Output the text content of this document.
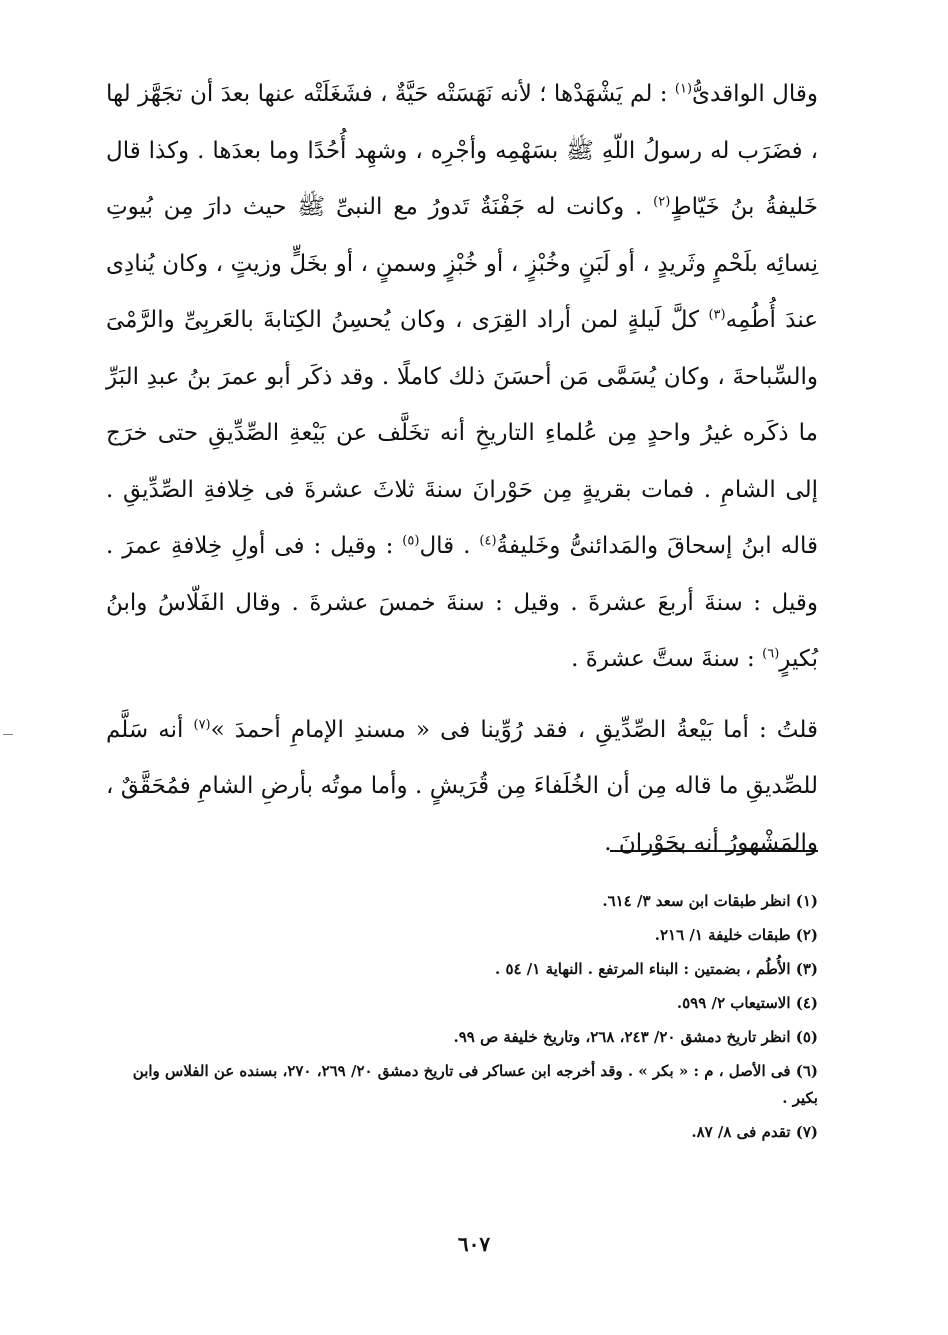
وقال الواقدىُّ$^{(١)}$ : لم يَشْهَدْها ؛ لأنه نَهَسَتْه حَيَّةٌ ، فشَغَلَتْه عنها بعدَ أن تجَهَّز لها ، فضَرَب له رسولُ اللّهِ ﷺ بسَهْمِه وأجْرِه ، وشهِد أُحُدًا وما بعدَها . وكذا قال خَليفةُ بنُ خَيّاطٍ$^{(٢)}$ . وكانت له جَفْنَةٌ تَدورُ مع النبىِّ ﷺ حيث دارَ مِن بُيوتِ نِسائِه بلَحْمٍ وثَريدٍ ، أو لَبَنٍ وخُبْزٍ ، أو خُبْزٍ وسمنٍ ، أو بخَلٍّ وزيتٍ ، وكان يُنادِى عندَ أُطُمِه$^{(٣)}$ كلَّ لَيلةٍ لمن أراد القِرَى ، وكان يُحسِنُ الكِتابةَ بالعَربِىِّ والرَّمْىَ والسِّباحةَ ، وكان يُسَمَّى مَن أحسَنَ ذلك كاملًا . وقد ذكَر أبو عمرَ بنُ عبدِ البَرِّ ما ذكَره غيرُ واحدٍ مِن عُلماءِ التاريخِ أنه تخَلَّف عن بَيْعةِ الصِّدِّيقِ حتى خرَج إلى الشامِ . فمات بقريةٍ مِن حَوْرانَ سنةَ ثلاثَ عشرةَ فى خِلافةِ الصِّدِّيقِ . قاله ابنُ إسحاقَ والمَدائنىُّ وخَليفةُ$^{(٤)}$ . قال$^{(٥)}$ : وقيل : فى أولِ خِلافةِ عمرَ . وقيل : سنةَ أربعَ عشرةَ . وقيل : سنةَ خمسَ عشرةَ . وقال الفَلّاسُ وابنُ بُكيرٍ$^{(٦)}$ : سنةَ ستَّ عشرةَ .

قلتُ : أما بَيْعةُ الصِّدِّيقِ ، فقد رُوِّينا فى « مسندِ الإمامِ أحمدَ »$^{(٧)}$ أنه سَلَّم للصِّديقِ ما قاله مِن أن الخُلَفاءَ مِن قُرَيشٍ . وأما موتُه بأرضِ الشامِ فمُحَقَّقٌ ، والمَشْهورُ أنه بحَوْرانَ .

(١) انظر طبقات ابن سعد ٣/ ٦١٤.

(٢) طبقات خليفة ١/ ٢١٦.

(٣) الأُطُم ، بضمتين : البناء المرتفع . النهاية ١/ ٥٤ .

(٤) الاستيعاب ٢/ ٥٩٩.

(٥) انظر تاريخ دمشق ٢٠/ ٢٤٣، ٢٦٨، وتاريخ خليفة ص ٩٩.

(٦) فى الأصل ، م : « بكر » . وقد أخرجه ابن عساكر فى تاريخ دمشق ٢٠/ ٢٦٩، ٢٧٠، بسنده عن الفلاس وابن بكير .

(٧) تقدم فى ٨/ ٨٧.

٦٠٧
